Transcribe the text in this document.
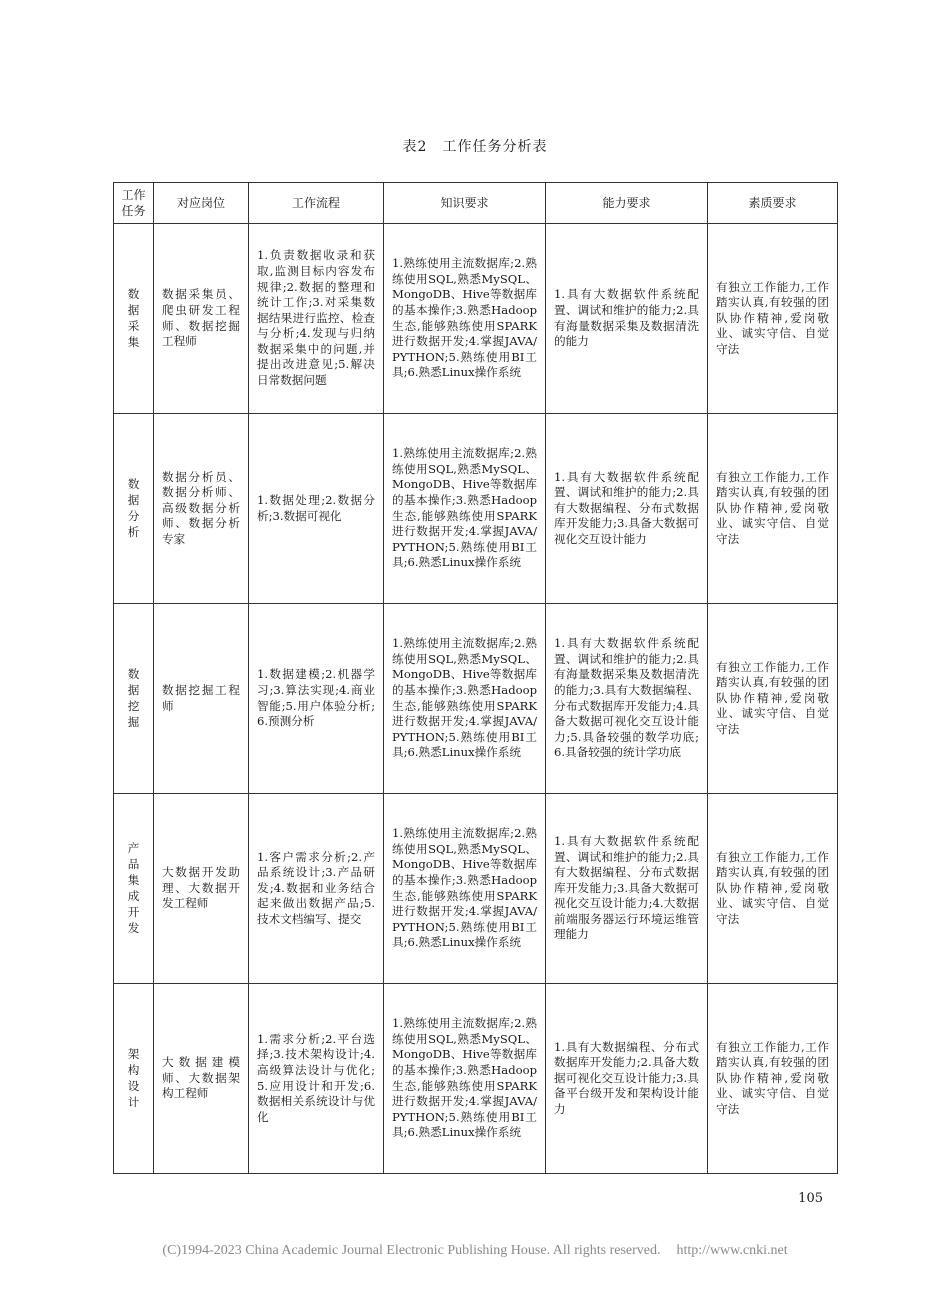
表2　工作任务分析表
工作任务	对应岗位	工作流程	知识要求	能力要求	素质要求
数据采集	数据采集员、爬虫研发工程师、数据挖掘工程师	1.负责数据收录和获取,监测目标内容发布规律;2.数据的整理和统计工作;3.对采集数据结果进行监控、检查与分析;4.发现与归纳数据采集中的问题,并提出改进意见;5.解决日常数据问题	1.熟练使用主流数据库;2.熟练使用SQL,熟悉MySQL、MongoDB、Hive等数据库的基本操作;3.熟悉Hadoop生态,能够熟练使用SPARK进行数据开发;4.掌握JAVA/PYTHON;5.熟练使用BI工具;6.熟悉Linux操作系统	1.具有大数据软件系统配置、调试和维护的能力;2.具有海量数据采集及数据清洗的能力	有独立工作能力,工作踏实认真,有较强的团队协作精神,爱岗敬业、诚实守信、自觉守法
数据分析	数据分析员、数据分析师、高级数据分析师、数据分析专家	1.数据处理;2.数据分析;3.数据可视化	1.熟练使用主流数据库;2.熟练使用SQL,熟悉MySQL、MongoDB、Hive等数据库的基本操作;3.熟悉Hadoop生态,能够熟练使用SPARK进行数据开发;4.掌握JAVA/PYTHON;5.熟练使用BI工具;6.熟悉Linux操作系统	1.具有大数据软件系统配置、调试和维护的能力;2.具有大数据编程、分布式数据库开发能力;3.具备大数据可视化交互设计能力	有独立工作能力,工作踏实认真,有较强的团队协作精神,爱岗敬业、诚实守信、自觉守法
数据挖掘	数据挖掘工程师	1.数据建模;2.机器学习;3.算法实现;4.商业智能;5.用户体验分析;6.预测分析	1.熟练使用主流数据库;2.熟练使用SQL,熟悉MySQL、MongoDB、Hive等数据库的基本操作;3.熟悉Hadoop生态,能够熟练使用SPARK进行数据开发;4.掌握JAVA/PYTHON;5.熟练使用BI工具;6.熟悉Linux操作系统	1.具有大数据软件系统配置、调试和维护的能力;2.具有海量数据采集及数据清洗的能力;3.具有大数据编程、分布式数据库开发能力;4.具备大数据可视化交互设计能力;5.具备较强的数学功底;6.具备较强的统计学功底	有独立工作能力,工作踏实认真,有较强的团队协作精神,爱岗敬业、诚实守信、自觉守法
产品集成开发	大数据开发助理、大数据开发工程师	1.客户需求分析;2.产品系统设计;3.产品研发;4.数据和业务结合起来做出数据产品;5.技术文档编写、提交	1.熟练使用主流数据库;2.熟练使用SQL,熟悉MySQL、MongoDB、Hive等数据库的基本操作;3.熟悉Hadoop生态,能够熟练使用SPARK进行数据开发;4.掌握JAVA/PYTHON;5.熟练使用BI工具;6.熟悉Linux操作系统	1.具有大数据软件系统配置、调试和维护的能力;2.具有大数据编程、分布式数据库开发能力;3.具备大数据可视化交互设计能力;4.大数据前端服务器运行环境运维管理能力	有独立工作能力,工作踏实认真,有较强的团队协作精神,爱岗敬业、诚实守信、自觉守法
架构设计	大数据建模师、大数据架构工程师	1.需求分析;2.平台选择;3.技术架构设计;4.高级算法设计与优化;5.应用设计和开发;6.数据相关系统设计与优化	1.熟练使用主流数据库;2.熟练使用SQL,熟悉MySQL、MongoDB、Hive等数据库的基本操作;3.熟悉Hadoop生态,能够熟练使用SPARK进行数据开发;4.掌握JAVA/PYTHON;5.熟练使用BI工具;6.熟悉Linux操作系统	1.具有大数据编程、分布式数据库开发能力;2.具备大数据可视化交互设计能力;3.具备平台级开发和架构设计能力	有独立工作能力,工作踏实认真,有较强的团队协作精神,爱岗敬业、诚实守信、自觉守法
105
(C)1994-2023 China Academic Journal Electronic Publishing House. All rights reserved. http://www.cnki.net
